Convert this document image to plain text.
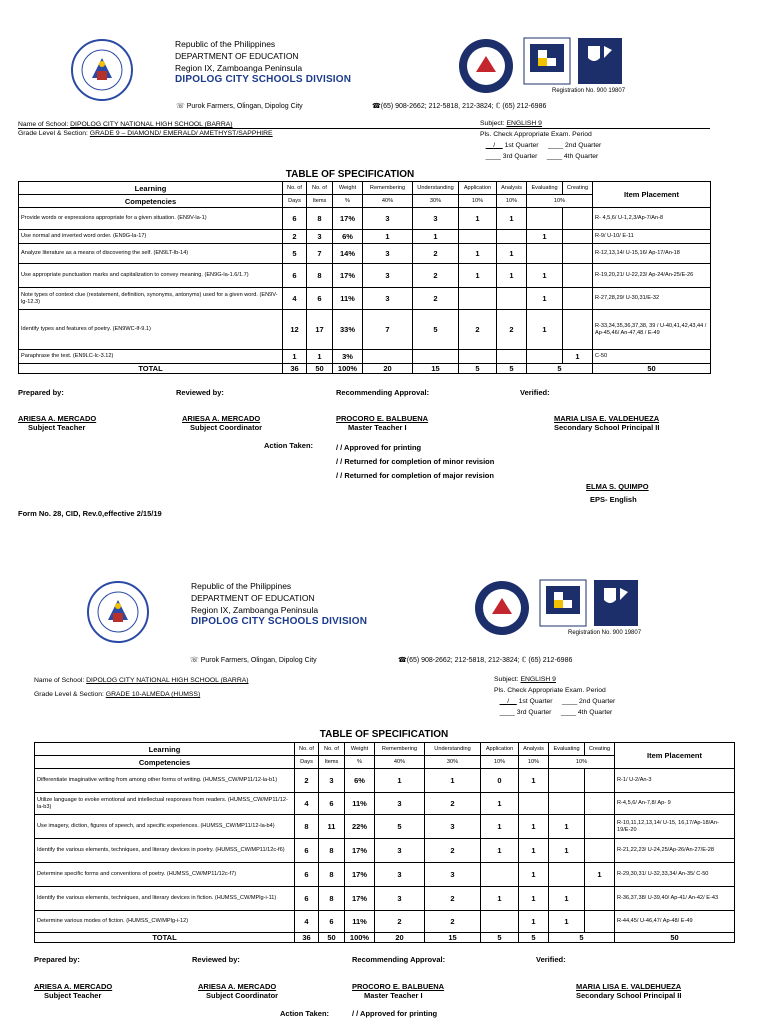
Republic of the Philippines
DEPARTMENT OF EDUCATION
Region IX, Zamboanga Peninsula
DIPOLOG CITY SCHOOLS DIVISION
Registration No. 900 19807
☏ Purok Farmers, Olingan, Dipolog City	☎(65) 908-2662; 212-5818, 212-3824; ℂ (65) 212-6986
Name of School: DIPOLOG CITY NATIONAL HIGH SCHOOL (BARRA)
Grade Level & Section: GRADE 9 – DIAMOND/ EMERALD/ AMETHYST/SAPPHIRE
Subject: ENGLISH 9
Pls. Check Appropriate Exam. Period
__/__ 1st Quarter     ____ 2nd Quarter
____ 3rd Quarter     ____ 4th Quarter
TABLE OF SPECIFICATION
Learning	No. of	No. of	Weight	Remembering	Understanding	Application	Analysis	Evaluating	Creating	Item Placement
Competencies	Days	Items	%	40%	30%	10%	10%	10%		
Provide words or expressions appropriate for a given situation. (EN9V-la-1)	6	8	17%	3	3	1	1			R- 4,5,6/ U-1,2,3/Ap-7/An-8
Use normal and inverted word order. (EN9G-la-17)	2	3	6%	1	1			1		R-9/ U-10/ E-11
Analyze literature as a means of discovering the self. (EN9LT-lb-14)	5	7	14%	3	2	1	1			R-12,13,14/ U-15,16/ Ap-17/An-18
Use appropriate punctuation marks and capitalization to convey meaning. (EN9G-la-1.6/1.7)	6	8	17%	3	2	1	1	1		R-19,20,21/ U-22,23/ Ap-24/An-25/E-26
Note types of context clue (restatement, definition, synonyms, antonyms) used for a given word. (EN9V-lg-12.3)	4	6	11%	3	2			1		R-27,28,29/ U-30,31/E-32
Identify types and features of poetry. (EN9WC-lf-9.1)	12	17	33%	7	5	2	2	1		R-33,34,35,36,37,38, 39 / U-40,41,42,43,44 / Ap-45,46/ An-47,48 / E-49
Paraphrase the text. (EN9LC-lc-3.12)	1	1	3%						1	C-50
TOTAL	36	50	100%	20	15	5	5	5		50
Prepared by:	Reviewed by:	Recommending Approval:	Verified:
ARIESA A. MERCADO
Subject Teacher
ARIESA A. MERCADO
Subject Coordinator
PROCORO E. BALBUENA
Master Teacher I
MARIA LISA E. VALDEHUEZA
Secondary School Principal II
Action Taken:	/ / Approved for printing
/ / Returned for completion of minor revision
/ / Returned for completion of major revision
ELMA S. QUIMPO
EPS- English
Form No. 28, CID, Rev.0,effective 2/15/19
Republic of the Philippines
DEPARTMENT OF EDUCATION
Region IX, Zamboanga Peninsula
DIPOLOG CITY SCHOOLS DIVISION
Registration No. 900 19807
☏ Purok Farmers, Olingan, Dipolog City	☎(65) 908-2662; 212-5818, 212-3824; ℂ (65) 212-6986
Name of School: DIPOLOG CITY NATIONAL HIGH SCHOOL (BARRA)
Grade Level & Section: GRADE 10-ALMEDA (HUMSS)
Subject: ENGLISH 9
Pls. Check Appropriate Exam. Period
__/__ 1st Quarter     ____ 2nd Quarter
____ 3rd Quarter     ____ 4th Quarter
TABLE OF SPECIFICATION
Learning	No. of	No. of	Weight	Remembering	Understanding	Application	Analysis	Evaluating	Creating	Item Placement
Competencies	Days	Items	%	40%	30%	10%	10%	10%		
Differentiate imaginative writing from among other forms of writing. (HUMSS_CW/MP11/12-la-b1)	2	3	6%	1	1	0	1			R-1/ U-2/An-3
Utilize language to evoke emotional and intellectual responses from readers. (HUMSS_CW/MP11/12-la-b3)	4	6	11%	3	2	1				R-4,5,6/ An-7,8/ Ap- 9
Use imagery, diction, figures of speech, and specific experiences. (HUMSS_CW/MP11/12-la-b4)	8	11	22%	5	3	1	1	1		R-10,11,12,13,14/ U-15, 16,17/Ap-18/An-19/E-20
Identify the various elements, techniques, and literary devices in poetry. (HUMSS_CW/MP11/12c-f6)	6	8	17%	3	2	1	1	1		R-21,22,23/ U-24,25/Ap-26/An-27/E-28
Determine specific forms and conventions of poetry. (HUMSS_CW/MP11/12c-f7)	6	8	17%	3	3		1		1	R-29,30,31/ U-32,33,34/ An-35/ C-50
Identify the various elements, techniques, and literary devices in fiction. (HUMSS_CW/MPlg-i-11)	6	8	17%	3	2	1	1	1		R-36,37,38/ U-39,40/ Ap-41/ An-42/ E-43
Determine various modes of fiction. (HUMSS_CW/MPlg-i-12)	4	6	11%	2	2		1	1		R-44,45/ U-46,47/ Ap-48/ E-49
TOTAL	36	50	100%	20	15	5	5	5		50
Prepared by:	Reviewed by:	Recommending Approval:	Verified:
ARIESA A. MERCADO
Subject Teacher
ARIESA A. MERCADO
Subject Coordinator
PROCORO E. BALBUENA
Master Teacher I
MARIA LISA E. VALDEHUEZA
Secondary School Principal II
Action Taken:	/ / Approved for printing
